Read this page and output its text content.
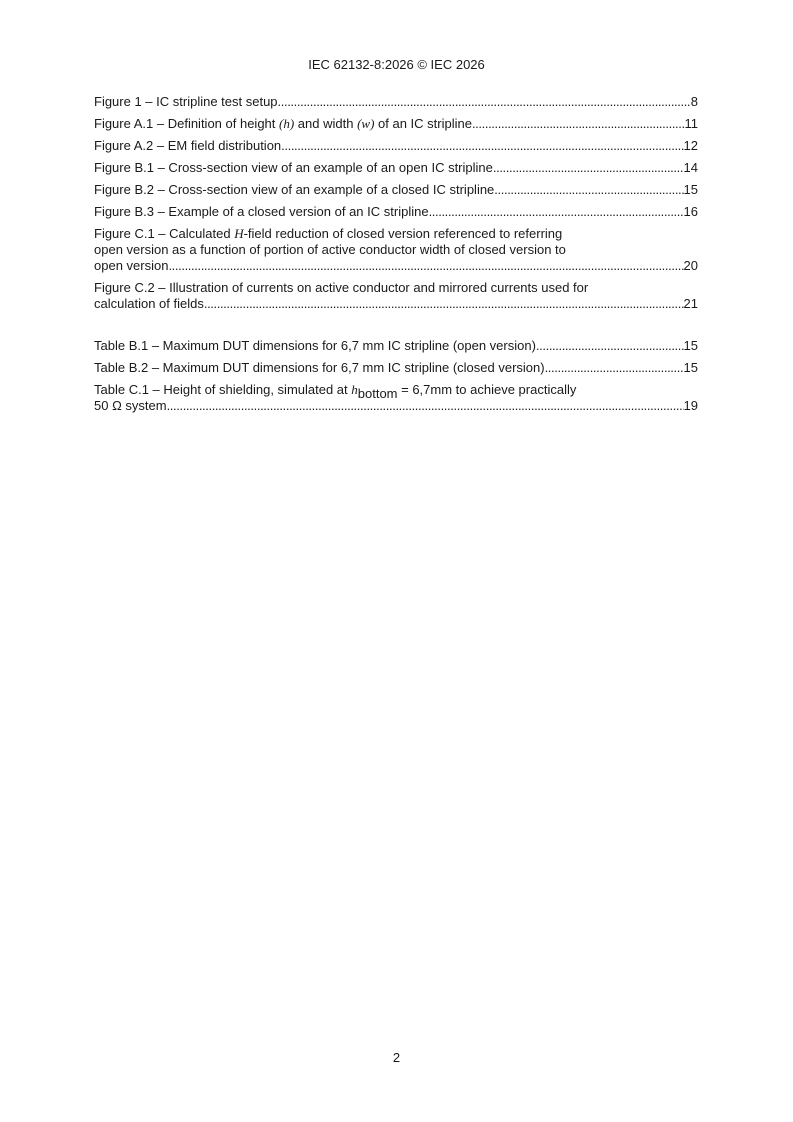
IEC 62132-8:2026 © IEC 2026
Figure 1 – IC stripline test setup . . .	8
Figure A.1 – Definition of height (h) and width (w) of an IC stripline . . .	11
Figure A.2 – EM field distribution . . .	12
Figure B.1 – Cross-section view of an example of an open IC stripline . . .	14
Figure B.2 – Cross-section view of an example of a closed IC stripline . . .	15
Figure B.3 – Example of a closed version of an IC stripline . . .	16
Figure C.1 – Calculated H-field reduction of closed version referenced to referring
open version as a function of portion of active conductor width of closed version to
open version . . .	20
Figure C.2 – Illustration of currents on active conductor and mirrored currents used for
calculation of fields . . .	21
Table B.1 – Maximum DUT dimensions for 6,7 mm IC stripline (open version) . . .	15
Table B.2 – Maximum DUT dimensions for 6,7 mm IC stripline (closed version) . . .	15
Table C.1 – Height of shielding, simulated at hbottom = 6,7mm to achieve practically
50 Ω system . . .	19
2
